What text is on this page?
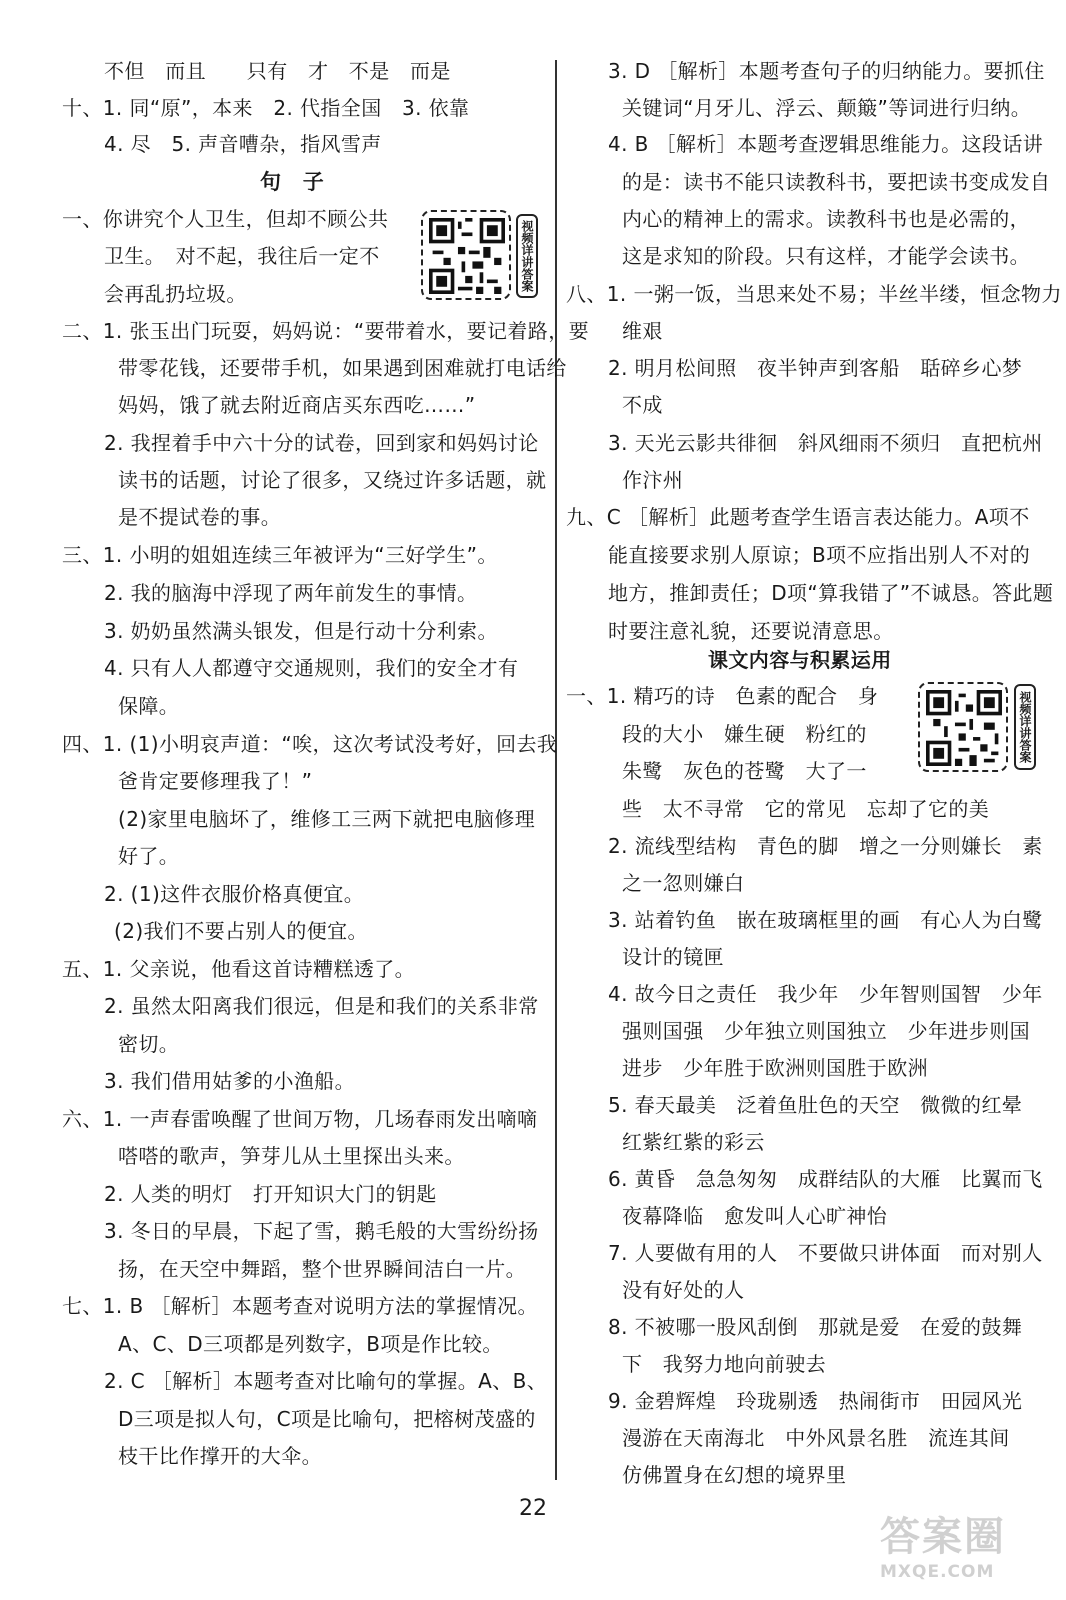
不但　而且　　只有　才　不是　而是
十、1. 同“原”，本来　2. 代指全国　3. 依靠
4. 尽　5. 声音嘈杂，指风雪声
句　子
一、你讲究个人卫生，但却不顾公共
卫生。　对不起，我往后一定不
会再乱扔垃圾。
二、1. 张玉出门玩耍，妈妈说：“要带着水，要记着路，要
带零花钱，还要带手机，如果遇到困难就打电话给
妈妈，饿了就去附近商店买东西吃……”
2. 我捏着手中六十分的试卷，回到家和妈妈讨论
读书的话题，讨论了很多，又绕过许多话题，就
是不提试卷的事。
三、1. 小明的姐姐连续三年被评为“三好学生”。
2. 我的脑海中浮现了两年前发生的事情。
3. 奶奶虽然满头银发，但是行动十分利索。
4. 只有人人都遵守交通规则，我们的安全才有
保障。
四、1. (1)小明哀声道：“唉，这次考试没考好，回去我
爸肯定要修理我了！”
(2)家里电脑坏了，维修工三两下就把电脑修理
好了。
2. (1)这件衣服价格真便宜。
(2)我们不要占别人的便宜。
五、1. 父亲说，他看这首诗糟糕透了。
2. 虽然太阳离我们很远，但是和我们的关系非常
密切。
3. 我们借用姑爹的小渔船。
六、1. 一声春雷唤醒了世间万物，几场春雨发出嘀嘀
嗒嗒的歌声，笋芽儿从土里探出头来。
2. 人类的明灯　打开知识大门的钥匙
3. 冬日的早晨，下起了雪，鹅毛般的大雪纷纷扬
扬，在天空中舞蹈，整个世界瞬间洁白一片。
七、1. B ［解析］本题考查对说明方法的掌握情况。
A、C、D三项都是列数字，B项是作比较。
2. C ［解析］本题考查对比喻句的掌握。A、B、
D三项是拟人句，C项是比喻句，把榕树茂盛的
枝干比作撑开的大伞。
视频详讲答案
3. D ［解析］本题考查句子的归纳能力。要抓住
关键词“月牙儿、浮云、颠簸”等词进行归纳。
4. B ［解析］本题考查逻辑思维能力。这段话讲
的是：读书不能只读教科书，要把读书变成发自
内心的精神上的需求。读教科书也是必需的，
这是求知的阶段。只有这样，才能学会读书。
八、1. 一粥一饭，当思来处不易；半丝半缕，恒念物力
维艰
2. 明月松间照　夜半钟声到客船　聒碎乡心梦
不成
3. 天光云影共徘徊　斜风细雨不须归　直把杭州
作汴州
九、C ［解析］此题考查学生语言表达能力。A项不
能直接要求别人原谅；B项不应指出别人不对的
地方，推卸责任；D项“算我错了”不诚恳。答此题
时要注意礼貌，还要说清意思。
课文内容与积累运用
一、1. 精巧的诗　色素的配合　身
段的大小　嫌生硬　粉红的
朱鹭　灰色的苍鹭　大了一
些　太不寻常　它的常见　忘却了它的美
2. 流线型结构　青色的脚　增之一分则嫌长　素
之一忽则嫌白
3. 站着钓鱼　嵌在玻璃框里的画　有心人为白鹭
设计的镜匣
4. 故今日之责任　我少年　少年智则国智　少年
强则国强　少年独立则国独立　少年进步则国
进步　少年胜于欧洲则国胜于欧洲
5. 春天最美　泛着鱼肚色的天空　微微的红晕
红紫红紫的彩云
6. 黄昏　急急匆匆　成群结队的大雁　比翼而飞
夜幕降临　愈发叫人心旷神怡
7. 人要做有用的人　不要做只讲体面　而对别人
没有好处的人
8. 不被哪一股风刮倒　那就是爱　在爱的鼓舞
下　我努力地向前驶去
9. 金碧辉煌　玲珑剔透　热闹街市　田园风光
漫游在天南海北　中外风景名胜　流连其间
仿佛置身在幻想的境界里
视频详讲答案
22
答案圈
MXQE.COM
